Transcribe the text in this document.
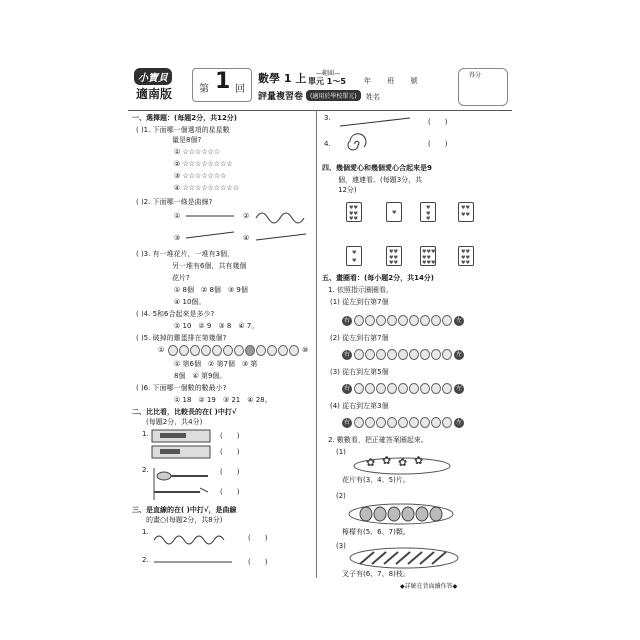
小寶貝
適南版	第 1 回
數學 1 上
評量複習卷
—範圍—
單元 1～5
(適用於學校單元)
年 班 號
姓名
得分
一、選擇題：(每題2分，共12分)
( )1. 下面哪一個選項的星星數
量是8個?
① ☆☆☆☆☆☆
② ☆☆☆☆☆☆☆☆
③ ☆☆☆☆☆☆☆
④ ☆☆☆☆☆☆☆☆☆
( )2. 下面哪一條是曲線?
①	②
③	④
( )3. 有一堆花片，一堆有3個，
另一堆有6個，共有幾個
花片?
① 8個　② 8個　③ 9個
④ 10個。
( )4. 5和6合起來是多少?
① 10　② 9　③ 8　④ 7。
( )5. 破掉的雞蛋排在第幾個?
①	⑩
① 第6個　② 第7個　③ 第
8個　④ 第9個。
( )6. 下面哪一個數的數最小?
① 18　② 19　③ 21　④ 28。
二、比比看，比較長的在( )中打√
(每題2分，共4分)
1.	(　　)
(　　)
2.	(　　)
(　　)
三、是直線的在( )中打√，是曲線
的畫○(每題2分，共8分)
1.
(　　)
2.	(　　)
3.	(　　)
4.	(　　)
四、幾個愛心和幾個愛心合起來是9
個，連連看。(每題3分，共
12分)
♥♥
♥♥
♥♥
♥
♥
♥
♥
♥♥
♥♥
♥
♥
♥♥
♥♥
♥♥
♥♥♥
♥♥
♥♥♥
♥♥
♥♥
♥♥
五、畫圈看：(每小題2分，共14分)
1. 依照指示圈圈看。
(1) 從左到右第7個
右	左
(2) 從左到右第7個
右	左
(3) 從右到左第5個
右	左
(4) 從右到左第3個
右	左
2. 數數看，把正確答案圈起來。
(1)
✿ ✿ ✿ ✿
花片有(3、4、5)片。
(2)
檸檬有(5、6、7)顆。
(3)
叉子有(6、7、8)枝。
◆詳解在背面續作答◆
